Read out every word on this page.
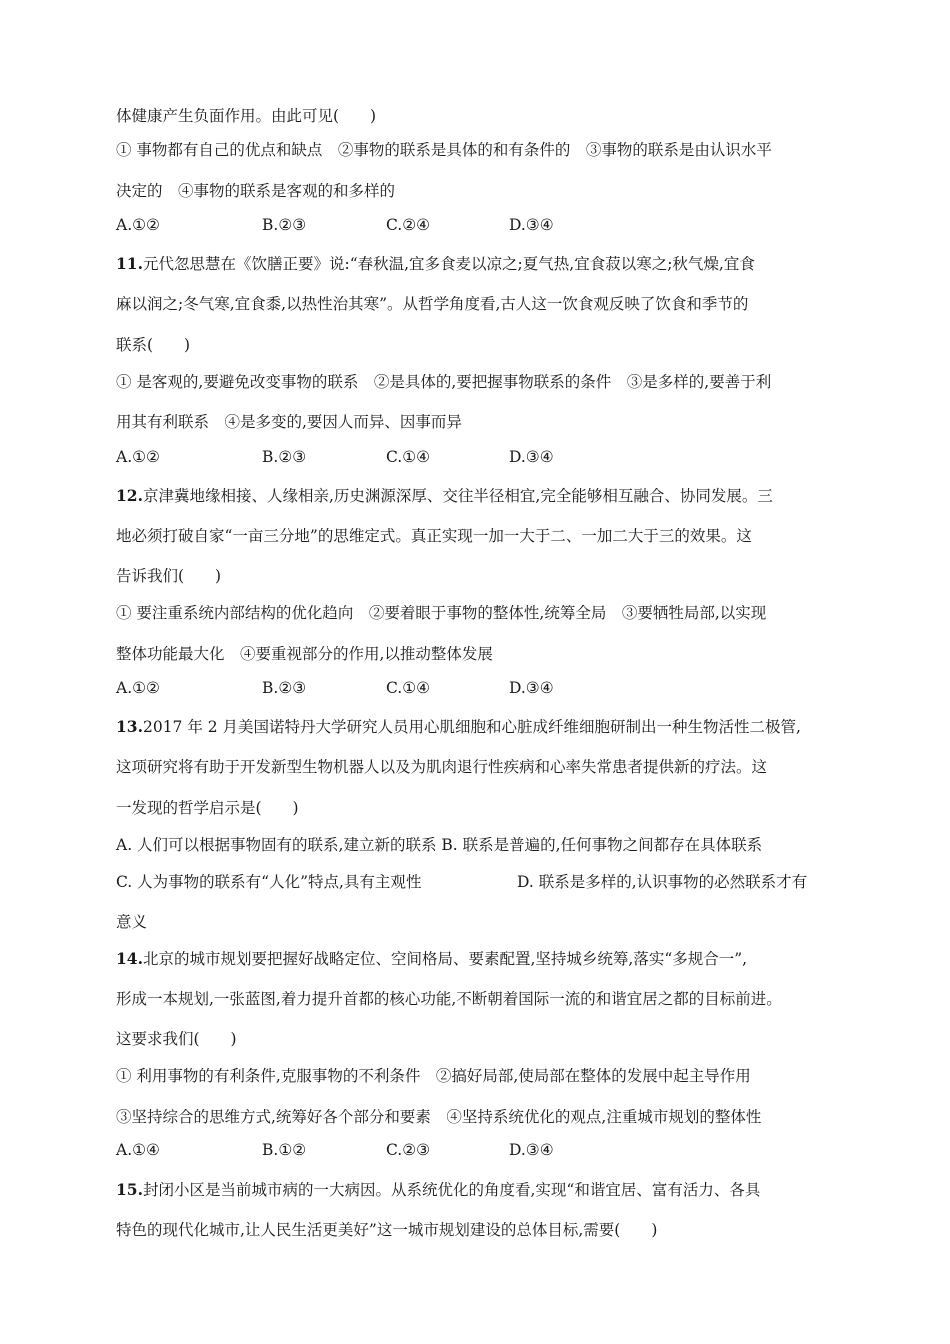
体健康产生负面作用。由此可见(　　)
① 事物都有自己的优点和缺点　②事物的联系是具体的和有条件的　③事物的联系是由认识水平
决定的　④事物的联系是客观的和多样的
A.①②	B.②③	C.②④	D.③④
11.元代忽思慧在《饮膳正要》说:“春秋温,宜多食麦以凉之;夏气热,宜食菽以寒之;秋气燥,宜食
麻以润之;冬气寒,宜食黍,以热性治其寒”。从哲学角度看,古人这一饮食观反映了饮食和季节的
联系(　　)
① 是客观的,要避免改变事物的联系　②是具体的,要把握事物联系的条件　③是多样的,要善于利
用其有利联系　④是多变的,要因人而异、因事而异
A.①②	B.②③	C.①④	D.③④
12.京津冀地缘相接、人缘相亲,历史渊源深厚、交往半径相宜,完全能够相互融合、协同发展。三
地必须打破自家“一亩三分地”的思维定式。真正实现一加一大于二、一加二大于三的效果。这
告诉我们(　　)
① 要注重系统内部结构的优化趋向　②要着眼于事物的整体性,统筹全局　③要牺牲局部,以实现
整体功能最大化　④要重视部分的作用,以推动整体发展
A.①②	B.②③	C.①④	D.③④
13.2017 年 2 月美国诺特丹大学研究人员用心肌细胞和心脏成纤维细胞研制出一种生物活性二极管,
这项研究将有助于开发新型生物机器人以及为肌肉退行性疾病和心率失常患者提供新的疗法。这
一发现的哲学启示是(　　)
A. 人们可以根据事物固有的联系,建立新的联系 B. 联系是普遍的,任何事物之间都存在具体联系
C. 人为事物的联系有“人化”特点,具有主观性	D. 联系是多样的,认识事物的必然联系才有
意义
14.北京的城市规划要把握好战略定位、空间格局、要素配置,坚持城乡统筹,落实“多规合一”,
形成一本规划,一张蓝图,着力提升首都的核心功能,不断朝着国际一流的和谐宜居之都的目标前进。
这要求我们(　　)
① 利用事物的有利条件,克服事物的不利条件　②搞好局部,使局部在整体的发展中起主导作用
③坚持综合的思维方式,统筹好各个部分和要素　④坚持系统优化的观点,注重城市规划的整体性
A.①④	B.①②	C.②③	D.③④
15.封闭小区是当前城市病的一大病因。从系统优化的角度看,实现“和谐宜居、富有活力、各具
特色的现代化城市,让人民生活更美好”这一城市规划建设的总体目标,需要(　　)
